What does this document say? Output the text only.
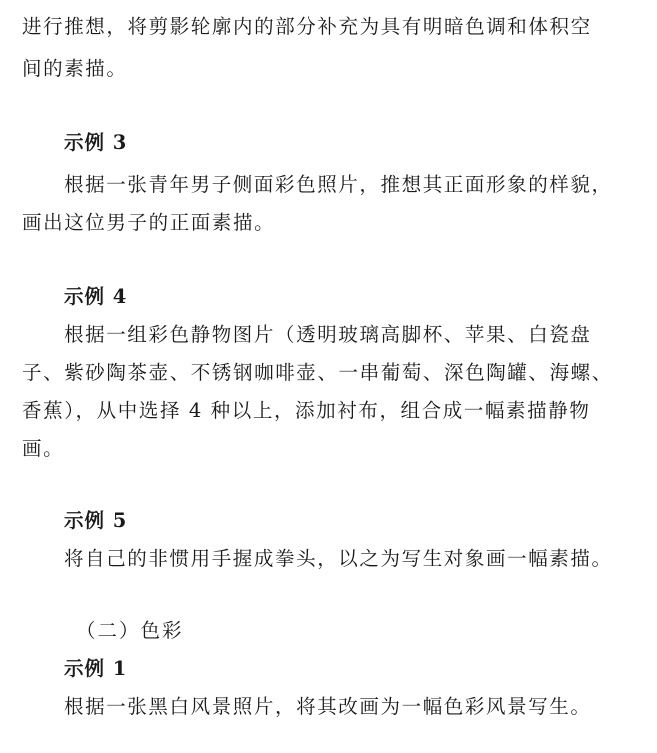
进行推想，将剪影轮廓内的部分补充为具有明暗色调和体积空
间的素描。
示例 3
根据一张青年男子侧面彩色照片，推想其正面形象的样貌，
画出这位男子的正面素描。
示例 4
根据一组彩色静物图片（透明玻璃高脚杯、苹果、白瓷盘
子、紫砂陶茶壶、不锈钢咖啡壶、一串葡萄、深色陶罐、海螺、
香蕉），从中选择 4 种以上，添加衬布，组合成一幅素描静物
画。
示例 5
将自己的非惯用手握成拳头，以之为写生对象画一幅素描。
（二）色彩
示例 1
根据一张黑白风景照片，将其改画为一幅色彩风景写生。
